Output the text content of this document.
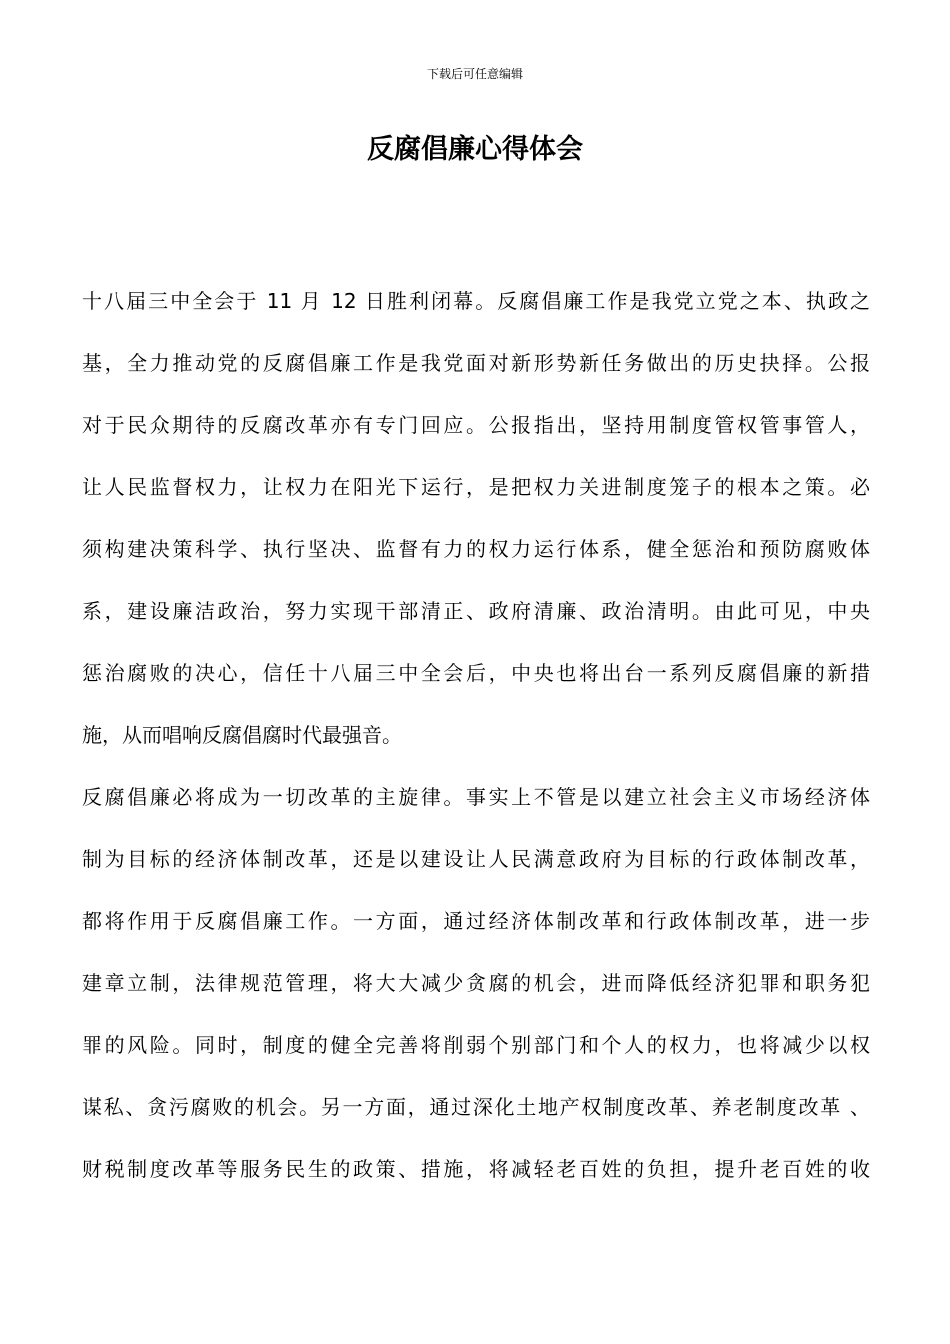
下载后可任意编辑
反腐倡廉心得体会
十八届三中全会于 11 月 12 日胜利闭幕。反腐倡廉工作是我党立党之本、执政之
基，全力推动党的反腐倡廉工作是我党面对新形势新任务做出的历史抉择。公报
对于民众期待的反腐改革亦有专门回应。公报指出，坚持用制度管权管事管人，
让人民监督权力，让权力在阳光下运行，是把权力关进制度笼子的根本之策。必
须构建决策科学、执行坚决、监督有力的权力运行体系，健全惩治和预防腐败体
系，建设廉洁政治，努力实现干部清正、政府清廉、政治清明。由此可见，中央
惩治腐败的决心，信任十八届三中全会后，中央也将出台一系列反腐倡廉的新措
施，从而唱响反腐倡腐时代最强音。
反腐倡廉必将成为一切改革的主旋律。事实上不管是以建立社会主义市场经济体
制为目标的经济体制改革，还是以建设让人民满意政府为目标的行政体制改革，
都将作用于反腐倡廉工作。一方面，通过经济体制改革和行政体制改革，进一步
建章立制，法律规范管理，将大大减少贪腐的机会，进而降低经济犯罪和职务犯
罪的风险。同时，制度的健全完善将削弱个别部门和个人的权力，也将减少以权
谋私、贪污腐败的机会。另一方面，通过深化土地产权制度改革、养老制度改革 、
财税制度改革等服务民生的政策、措施，将减轻老百姓的负担，提升老百姓的收
